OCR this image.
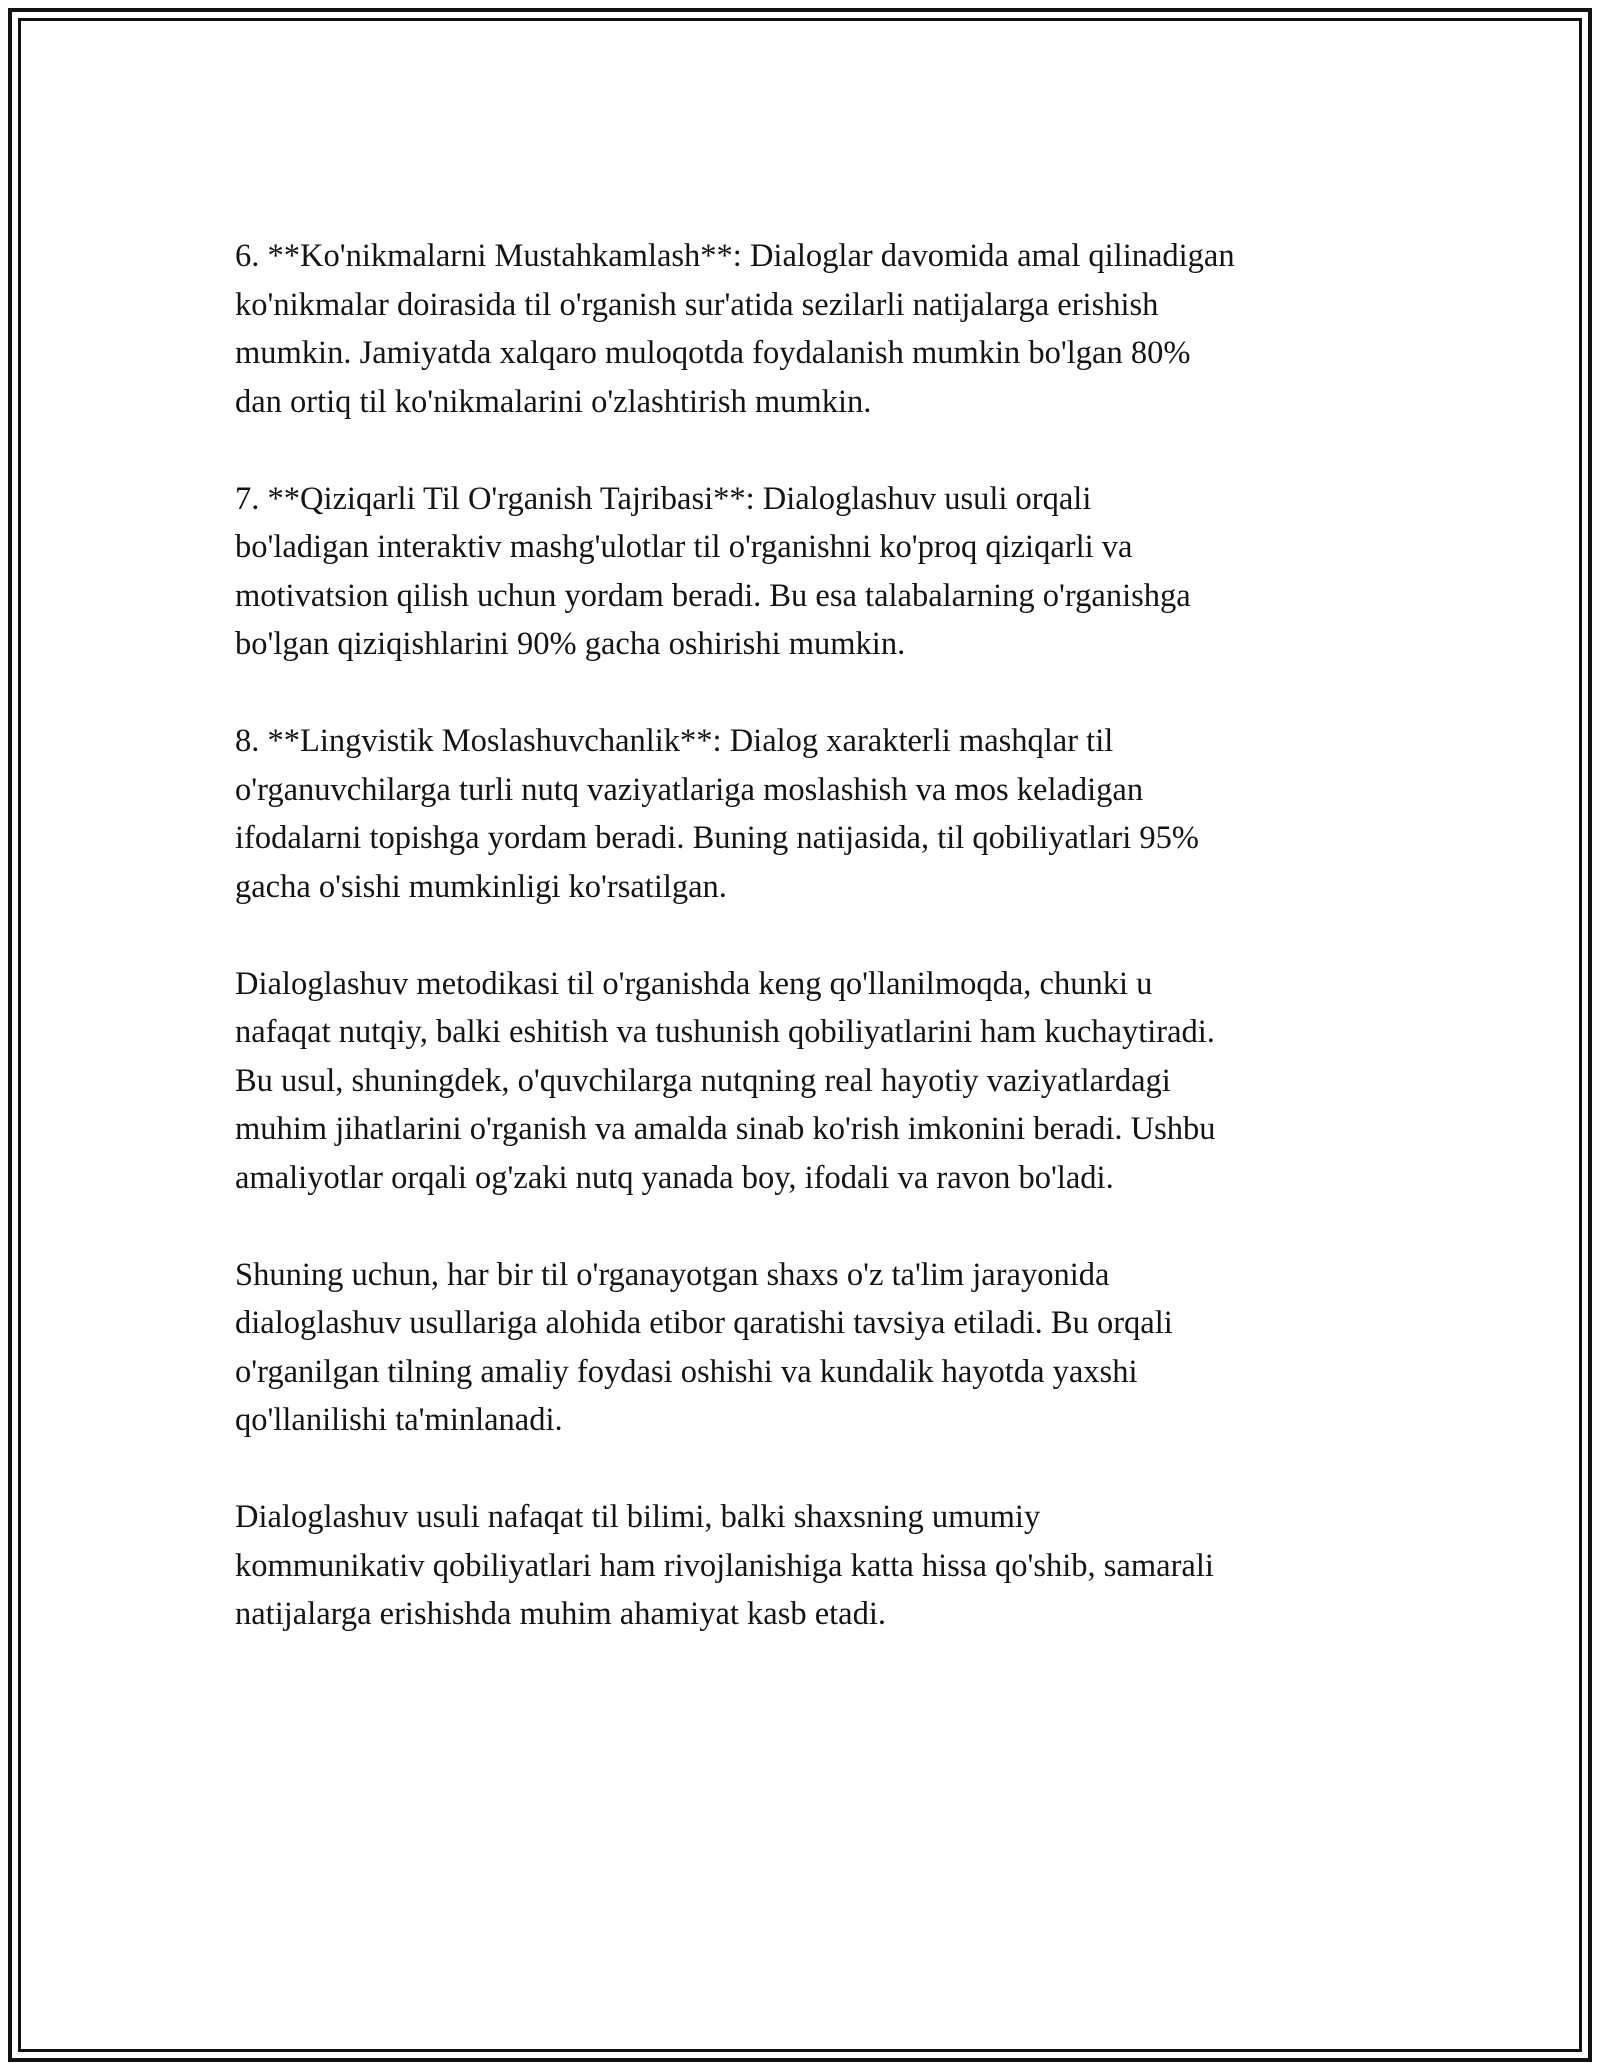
6. **Ko'nikmalarni Mustahkamlash**: Dialoglar davomida amal qilinadigan
ko'nikmalar doirasida til o'rganish sur'atida sezilarli natijalarga erishish
mumkin. Jamiyatda xalqaro muloqotda foydalanish mumkin bo'lgan 80%
dan ortiq til ko'nikmalarini o'zlashtirish mumkin.

7. **Qiziqarli Til O'rganish Tajribasi**: Dialoglashuv usuli orqali
bo'ladigan interaktiv mashg'ulotlar til o'rganishni ko'proq qiziqarli va
motivatsion qilish uchun yordam beradi. Bu esa talabalarning o'rganishga
bo'lgan qiziqishlarini 90% gacha oshirishi mumkin.

8. **Lingvistik Moslashuvchanlik**: Dialog xarakterli mashqlar til
o'rganuvchilarga turli nutq vaziyatlariga moslashish va mos keladigan
ifodalarni topishga yordam beradi. Buning natijasida, til qobiliyatlari 95%
gacha o'sishi mumkinligi ko'rsatilgan.

Dialoglashuv metodikasi til o'rganishda keng qo'llanilmoqda, chunki u
nafaqat nutqiy, balki eshitish va tushunish qobiliyatlarini ham kuchaytiradi.
Bu usul, shuningdek, o'quvchilarga nutqning real hayotiy vaziyatlardagi
muhim jihatlarini o'rganish va amalda sinab ko'rish imkonini beradi. Ushbu
amaliyotlar orqali og'zaki nutq yanada boy, ifodali va ravon bo'ladi.

Shuning uchun, har bir til o'rganayotgan shaxs o'z ta'lim jarayonida
dialoglashuv usullariga alohida etibor qaratishi tavsiya etiladi. Bu orqali
o'rganilgan tilning amaliy foydasi oshishi va kundalik hayotda yaxshi
qo'llanilishi ta'minlanadi.

Dialoglashuv usuli nafaqat til bilimi, balki shaxsning umumiy
kommunikativ qobiliyatlari ham rivojlanishiga katta hissa qo'shib, samarali
natijalarga erishishda muhim ahamiyat kasb etadi.
